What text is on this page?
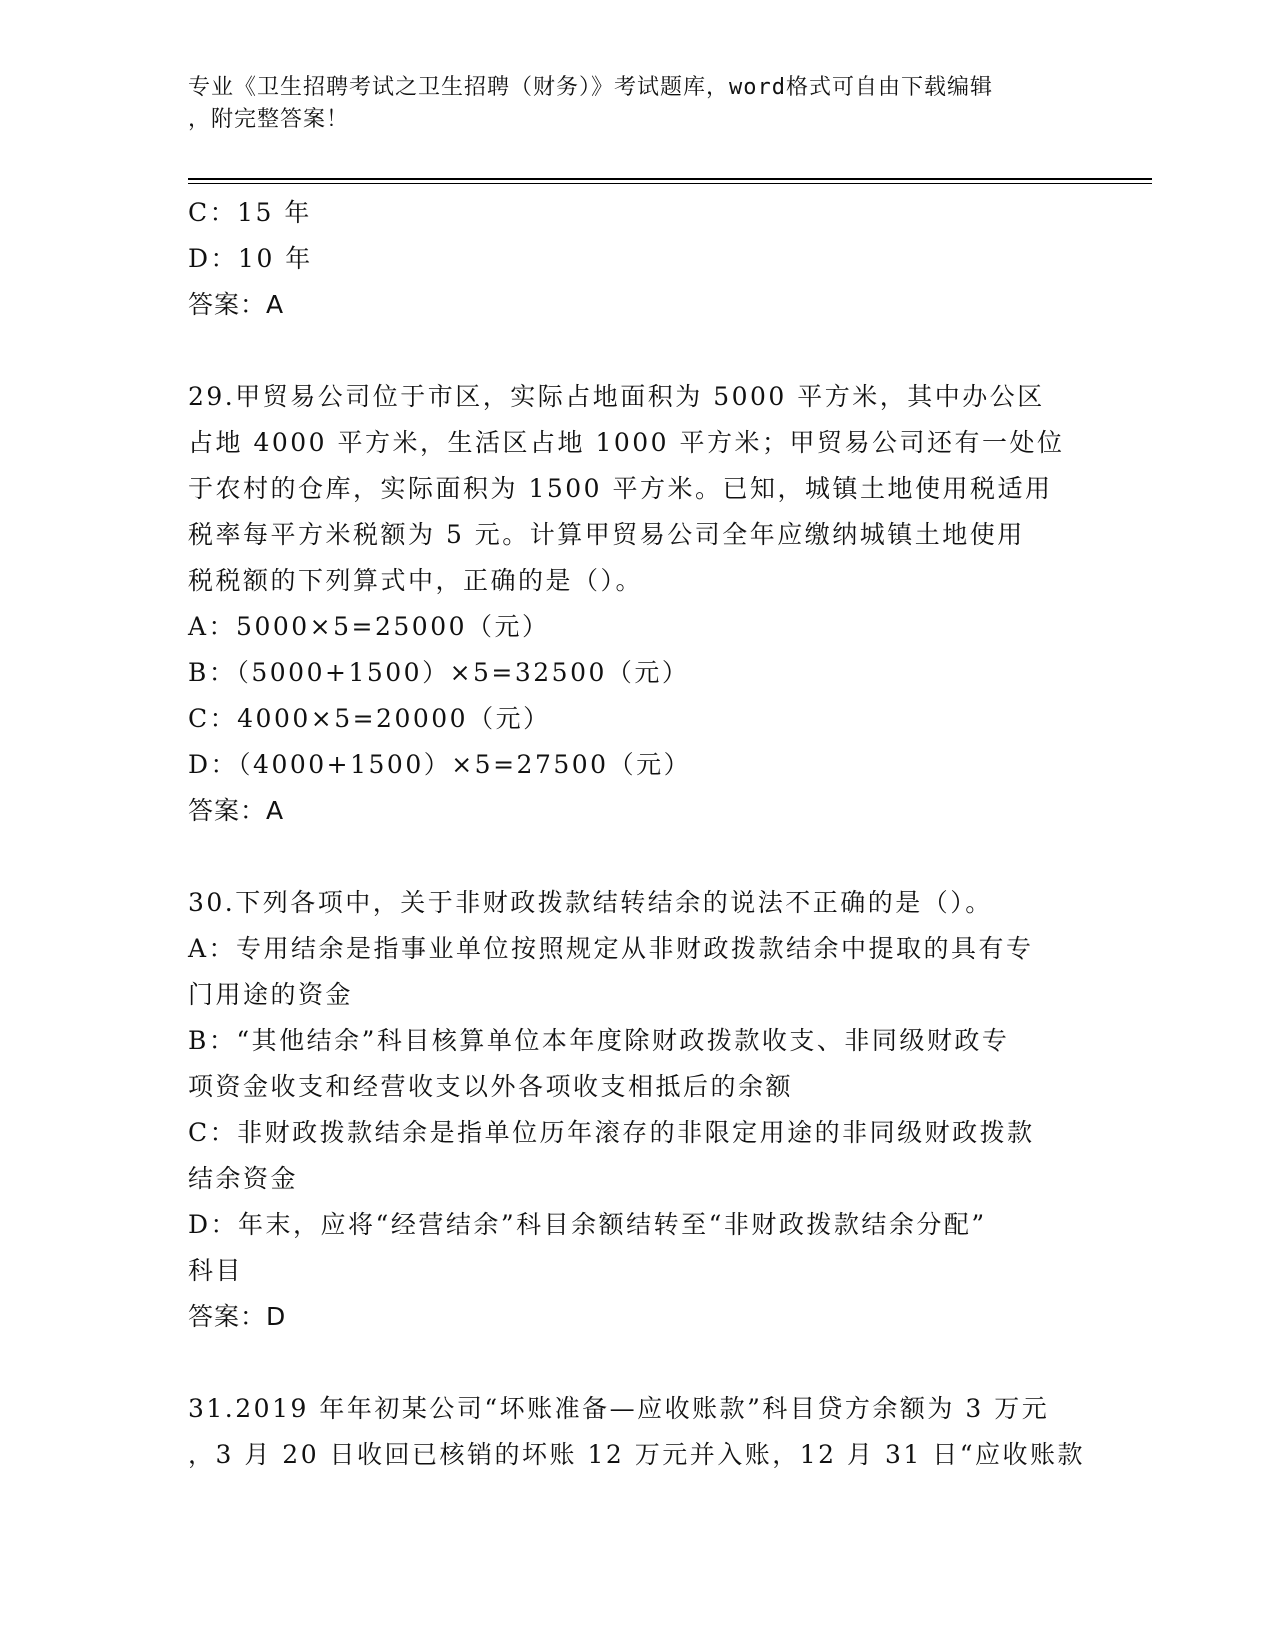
专业《卫生招聘考试之卫生招聘（财务）》考试题库，word格式可自由下载编辑
，附完整答案！
C：15 年
D：10 年
答案：A
29.甲贸易公司位于市区，实际占地面积为 5000 平方米，其中办公区
占地 4000 平方米，生活区占地 1000 平方米；甲贸易公司还有一处位
于农村的仓库，实际面积为 1500 平方米。已知，城镇土地使用税适用
税率每平方米税额为 5 元。计算甲贸易公司全年应缴纳城镇土地使用
税税额的下列算式中，正确的是（）。
A：5000×5=25000（元）
B：（5000+1500）×5=32500（元）
C：4000×5=20000（元）
D：（4000+1500）×5=27500（元）
答案：A
30.下列各项中，关于非财政拨款结转结余的说法不正确的是（）。
A：专用结余是指事业单位按照规定从非财政拨款结余中提取的具有专
门用途的资金
B：“其他结余”科目核算单位本年度除财政拨款收支、非同级财政专
项资金收支和经营收支以外各项收支相抵后的余额
C：非财政拨款结余是指单位历年滚存的非限定用途的非同级财政拨款
结余资金
D：年末，应将“经营结余”科目余额结转至“非财政拨款结余分配”
科目
答案：D
31.2019 年年初某公司“坏账准备—应收账款”科目贷方余额为 3 万元
，3 月 20 日收回已核销的坏账 12 万元并入账，12 月 31 日“应收账款
